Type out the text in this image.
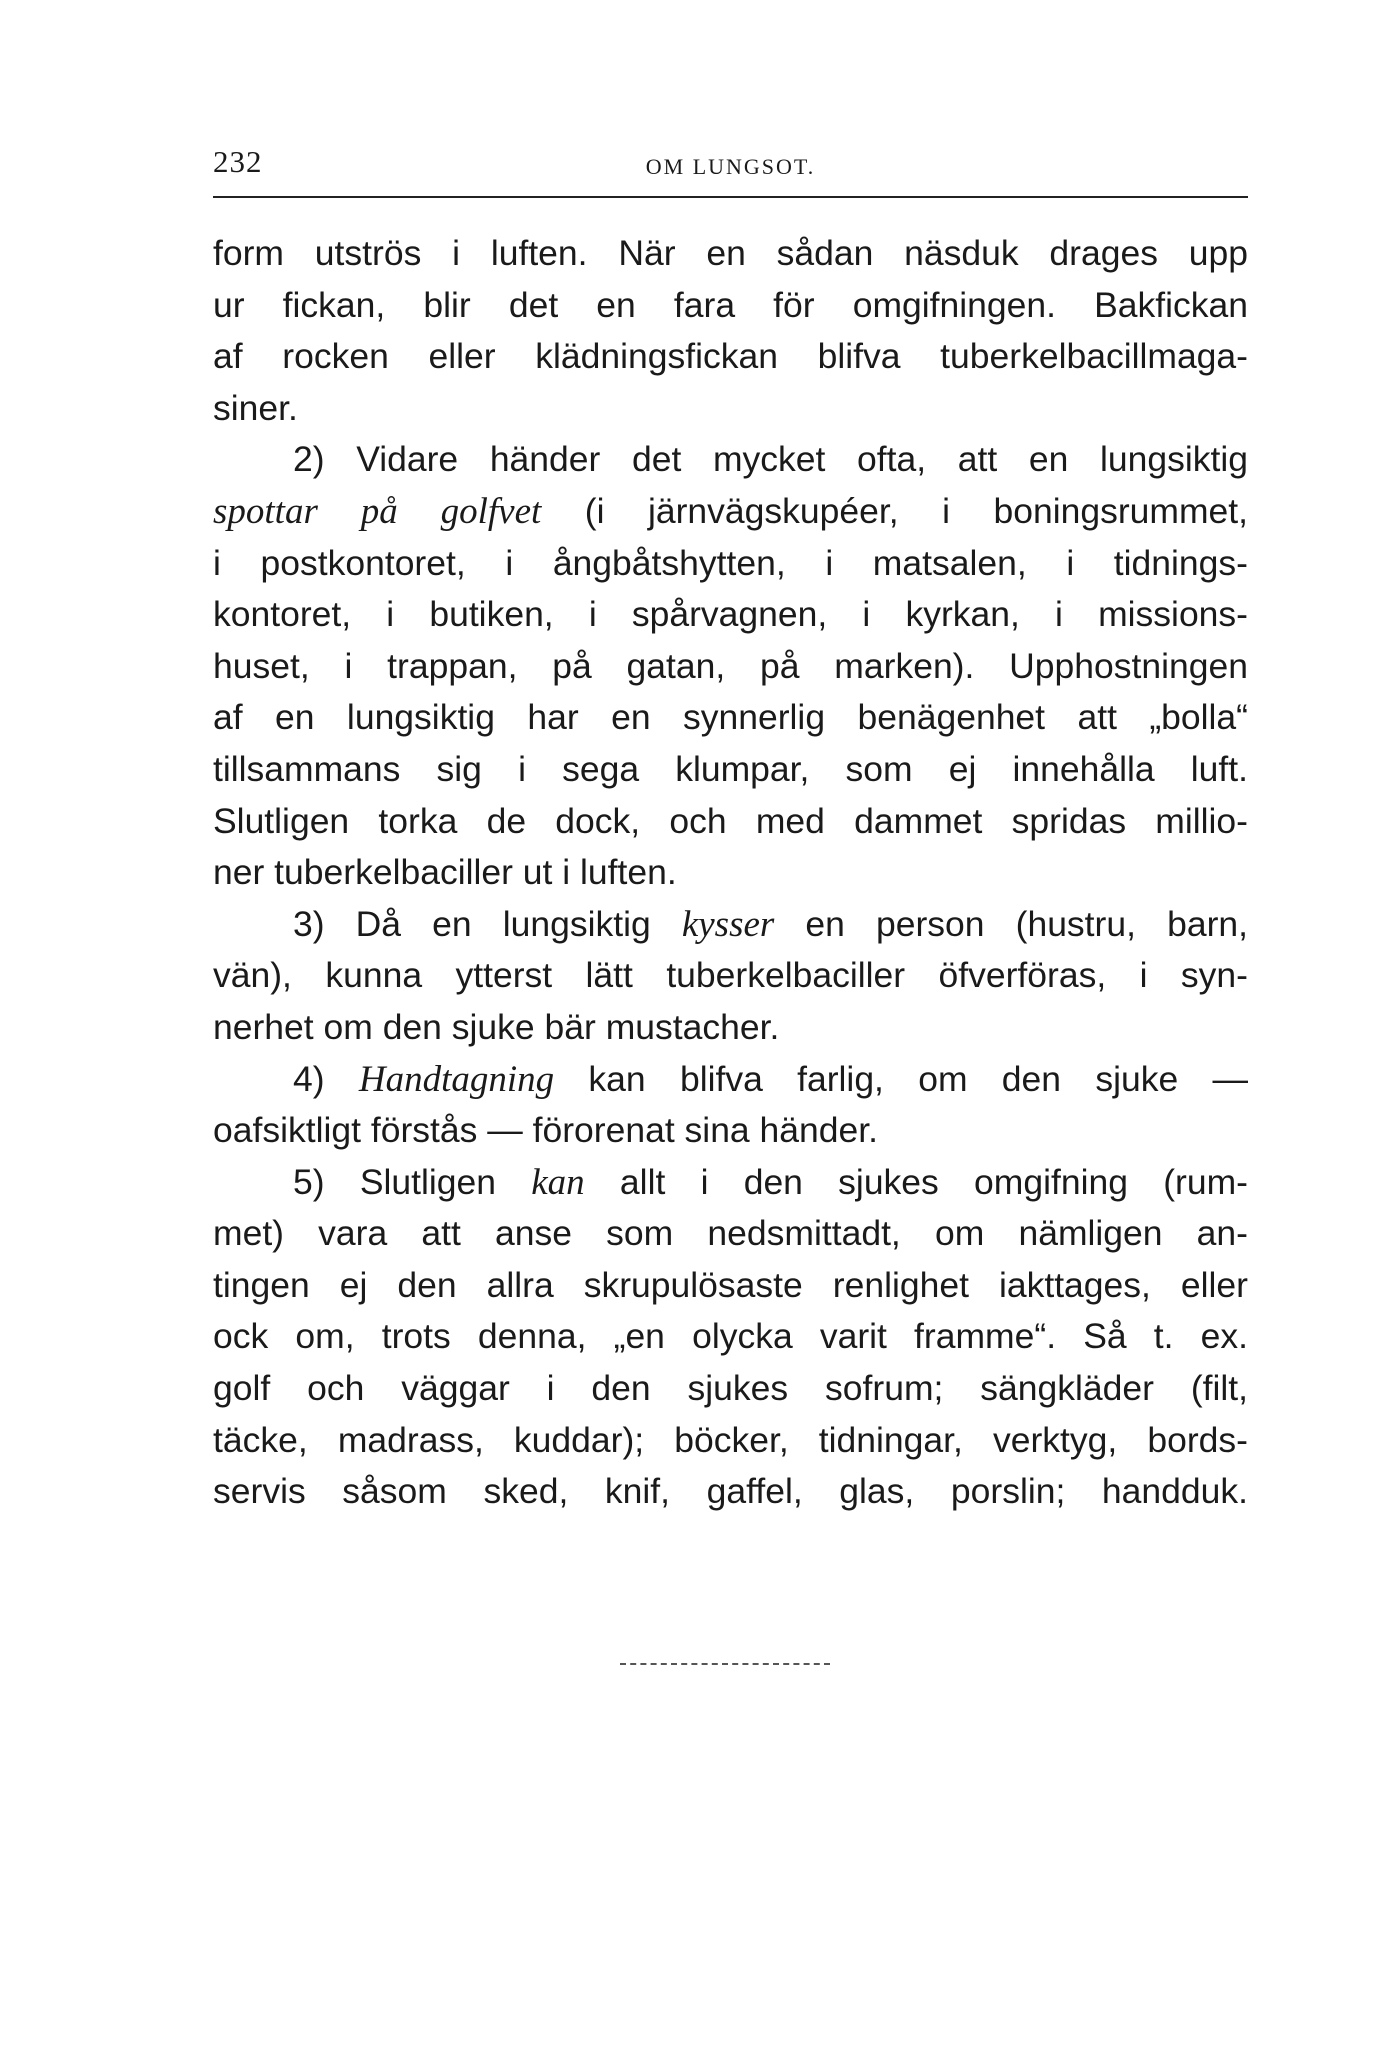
232	OM LUNGSOT.
form utströs i luften. När en sådan näsduk drages upp
ur fickan, blir det en fara för omgifningen. Bakfickan
af rocken eller klädningsfickan blifva tuberkelbacillmaga-
siner.
2) Vidare händer det mycket ofta, att en lungsiktig
spottar på golfvet (i järnvägskupéer, i boningsrummet,
i postkontoret, i ångbåtshytten, i matsalen, i tidnings-
kontoret, i butiken, i spårvagnen, i kyrkan, i missions-
huset, i trappan, på gatan, på marken). Upphostningen
af en lungsiktig har en synnerlig benägenhet att „bolla“
tillsammans sig i sega klumpar, som ej innehålla luft.
Slutligen torka de dock, och med dammet spridas millio-
ner tuberkelbaciller ut i luften.
3) Då en lungsiktig kysser en person (hustru, barn,
vän), kunna ytterst lätt tuberkelbaciller öfverföras, i syn-
nerhet om den sjuke bär mustacher.
4) Handtagning kan blifva farlig, om den sjuke —
oafsiktligt förstås — förorenat sina händer.
5) Slutligen kan allt i den sjukes omgifning (rum-
met) vara att anse som nedsmittadt, om nämligen an-
tingen ej den allra skrupulösaste renlighet iakttages, eller
ock om, trots denna, „en olycka varit framme“. Så t. ex.
golf och väggar i den sjukes sofrum; sängkläder (filt,
täcke, madrass, kuddar); böcker, tidningar, verktyg, bords-
servis såsom sked, knif, gaffel, glas, porslin; handduk.
